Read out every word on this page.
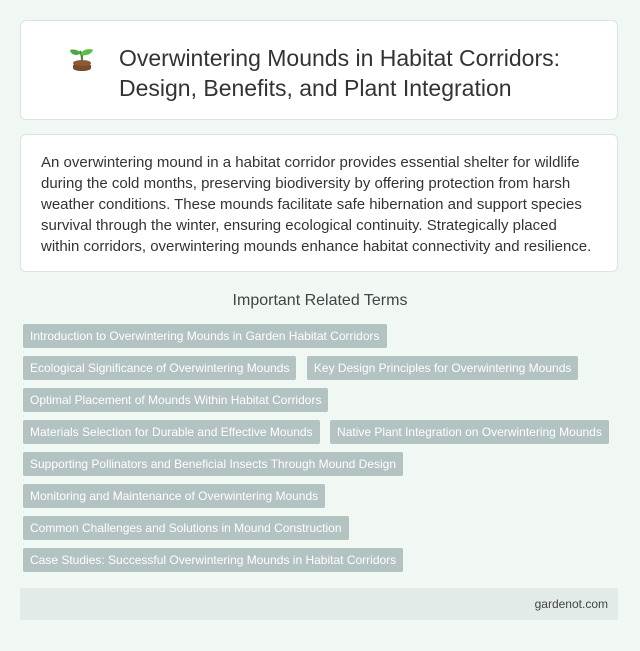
Overwintering Mounds in Habitat Corridors:
Design, Benefits, and Plant Integration

An overwintering mound in a habitat corridor provides essential shelter for wildlife during the cold months, preserving biodiversity by offering protection from harsh weather conditions. These mounds facilitate safe hibernation and support species survival through the winter, ensuring ecological continuity. Strategically placed within corridors, overwintering mounds enhance habitat connectivity and resilience.

Important Related Terms
Introduction to Overwintering Mounds in Garden Habitat Corridors
Ecological Significance of Overwintering Mounds Key Design Principles for Overwintering Mounds
Optimal Placement of Mounds Within Habitat Corridors
Materials Selection for Durable and Effective Mounds Native Plant Integration on Overwintering Mounds
Supporting Pollinators and Beneficial Insects Through Mound Design
Monitoring and Maintenance of Overwintering Mounds
Common Challenges and Solutions in Mound Construction
Case Studies: Successful Overwintering Mounds in Habitat Corridors
gardenot.com
